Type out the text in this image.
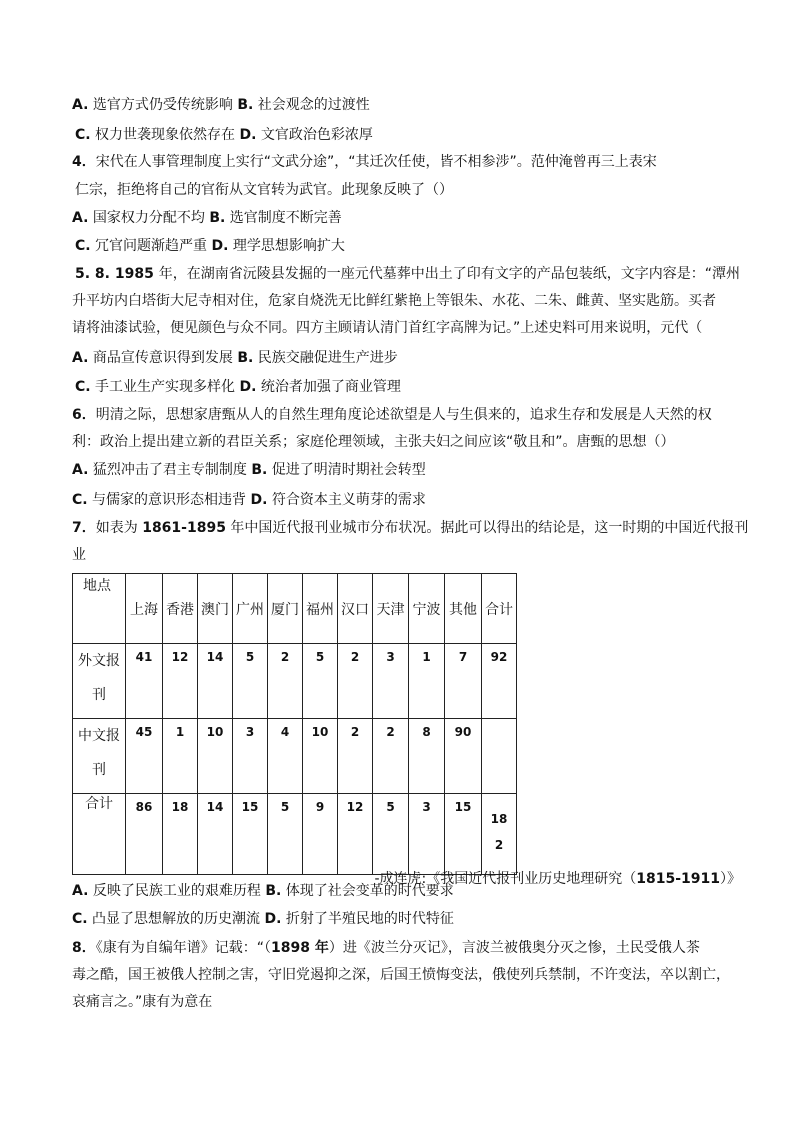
A. 选官方式仍受传统影响 B. 社会观念的过渡性

C. 权力世袭现象依然存在 D. 文官政治色彩浓厚

4．宋代在人事管理制度上实行“文武分途”，“其迁次任使，皆不相参涉”。范仲淹曾再三上表宋

仁宗，拒绝将自己的官衔从文官转为武官。此现象反映了（）

A. 国家权力分配不均 B. 选官制度不断完善

C. 冗官问题渐趋严重 D. 理学思想影响扩大

5. 8. 1985 年，在湖南省沅陵县发掘的一座元代墓葬中出土了印有文字的产品包装纸，文字内容是：“潭州

升平坊内白塔街大尼寺相对住，危家自烧洗无比鲜红紫艳上等银朱、水花、二朱、雌黄、坚实匙筋。买者

请将油漆试验，便见颜色与众不同。四方主顾请认清门首红字高牌为记。”上述史料可用来说明，元代（

A. 商品宣传意识得到发展 B. 民族交融促进生产进步

C. 手工业生产实现多样化 D. 统治者加强了商业管理

6．明清之际，思想家唐甄从人的自然生理角度论述欲望是人与生俱来的，追求生存和发展是人天然的权

利：政治上提出建立新的君臣关系；家庭伦理领域，主张夫妇之间应该“敬且和”。唐甄的思想（）

A. 猛烈冲击了君主专制制度 B. 促进了明清时期社会转型

C. 与儒家的意识形态相违背 D. 符合资本主义萌芽的需求

7．如表为 1861-1895 年中国近代报刊业城市分布状况。据此可以得出的结论是，这一时期的中国近代报刊

业

地点	上海	香港	澳门	广州	厦门	福州	汉口	天津	宁波	其他	合计
外文报刊	41	12	14	5	2	5	2	3	1	7	92
中文报刊	45	1	10	3	4	10	2	2	8	90	
合计	86	18	14	15	5	9	12	5	3	15	182

-成连虎:《我国近代报刊业历史地理研究（1815-1911）》

A. 反映了民族工业的艰难历程 B. 体现了社会变革的时代要求

C. 凸显了思想解放的历史潮流 D. 折射了半殖民地的时代特征

8．《康有为自编年谱》记载：“（1898 年）进《波兰分灭记》，言波兰被俄奥分灭之惨，土民受俄人茶

毒之酷，国王被俄人控制之害，守旧党遏抑之深，后国王愤悔变法，俄使列兵禁制，不许变法，卒以割亡，

哀痛言之。”康有为意在
